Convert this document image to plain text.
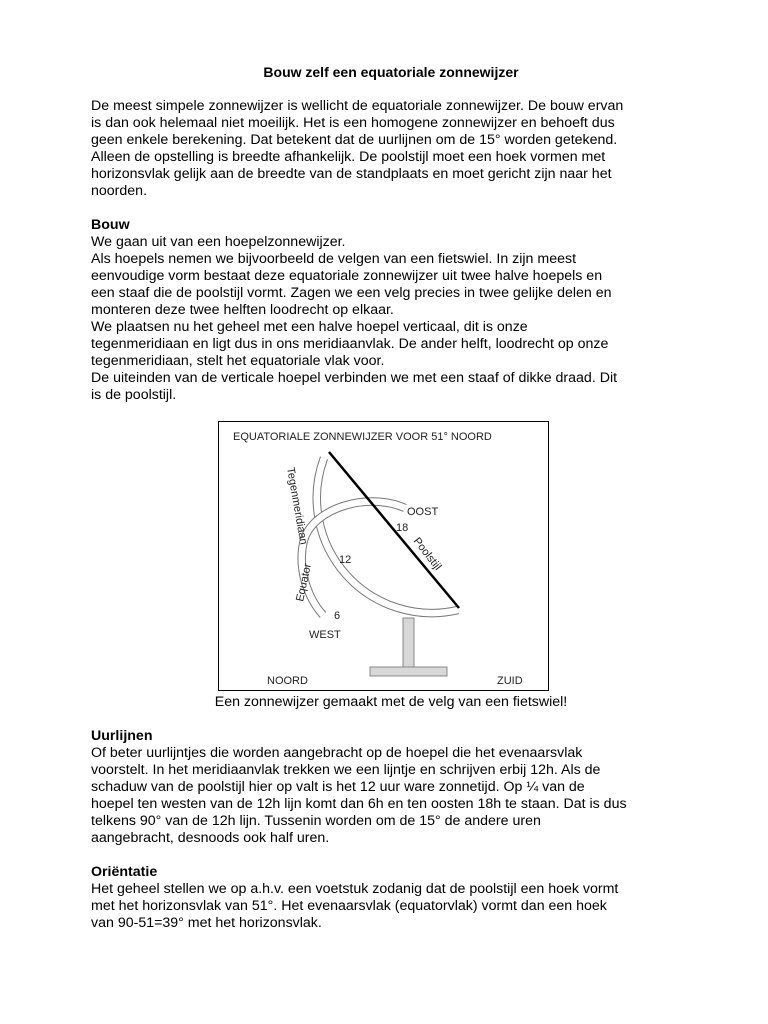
Bouw zelf een equatoriale zonnewijzer

De meest simpele zonnewijzer is wellicht de equatoriale zonnewijzer. De bouw ervan
is dan ook helemaal niet moeilijk. Het is een homogene zonnewijzer en behoeft dus
geen enkele berekening. Dat betekent dat de uurlijnen om de 15° worden getekend.
Alleen de opstelling is breedte afhankelijk. De poolstijl moet een hoek vormen met
horizonsvlak gelijk aan de breedte van de standplaats en moet gericht zijn naar het
noorden.

Bouw

We gaan uit van een hoepelzonnewijzer.
Als hoepels nemen we bijvoorbeeld de velgen van een fietswiel. In zijn meest
eenvoudige vorm bestaat deze equatoriale zonnewijzer uit twee halve hoepels en
een staaf die de poolstijl vormt. Zagen we een velg precies in twee gelijke delen en
monteren deze twee helften loodrecht op elkaar.
We plaatsen nu het geheel met een halve hoepel verticaal, dit is onze
tegenmeridiaan en ligt dus in ons meridiaanvlak. De ander helft, loodrecht op onze
tegenmeridiaan, stelt het equatoriale vlak voor.
De uiteinden van de verticale hoepel verbinden we met een staaf of dikke draad. Dit
is de poolstijl.

EQUATORIALE ZONNEWIJZER VOOR 51° NOORD
Tegenmeridiaan
Equator
Poolstijl
OOST
WEST
18
12
6
NOORD	ZUID
Een zonnewijzer gemaakt met de velg van een fietswiel!
Uurlijnen

Of beter uurlijntjes die worden aangebracht op de hoepel die het evenaarsvlak
voorstelt. In het meridiaanvlak trekken we een lijntje en schrijven erbij 12h. Als de
schaduw van de poolstijl hier op valt is het 12 uur ware zonnetijd. Op ¼ van de
hoepel ten westen van de 12h lijn komt dan 6h en ten oosten 18h te staan. Dat is dus
telkens 90° van de 12h lijn. Tussenin worden om de 15° de andere uren
aangebracht, desnoods ook half uren.

Oriëntatie

Het geheel stellen we op a.h.v. een voetstuk zodanig dat de poolstijl een hoek vormt
met het horizonsvlak van 51°. Het evenaarsvlak (equatorvlak) vormt dan een hoek
van 90-51=39° met het horizonsvlak.
